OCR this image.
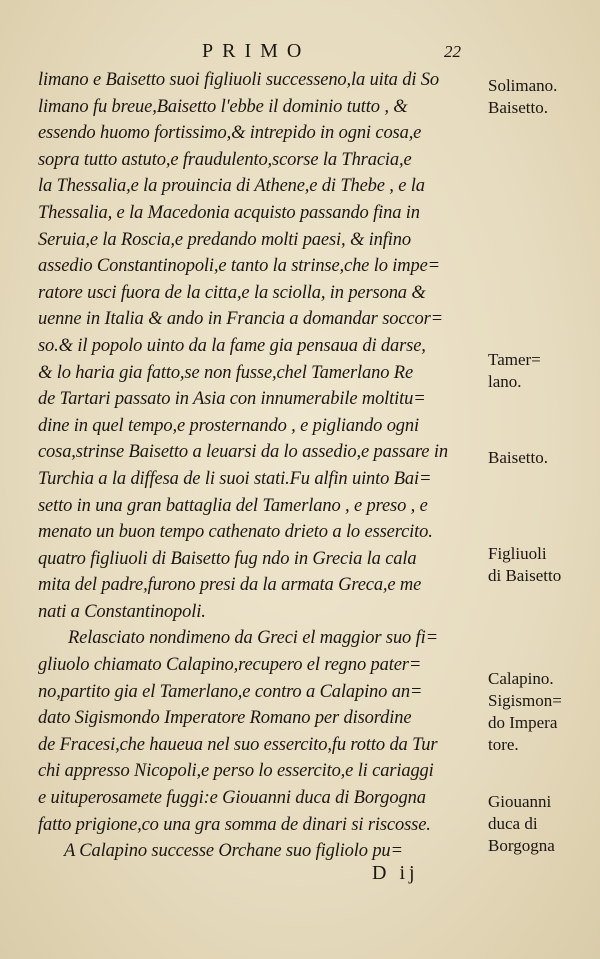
PRIMO	22
limano e Baisetto suoi figliuoli successeno,la uita di So
limano fu breue,Baisetto l'ebbe il dominio tutto , &
essendo huomo fortissimo,& intrepido in ogni cosa,e
sopra tutto astuto,e fraudulento,scorse la Thracia,e
la Thessalia,e la prouincia di Athene,e di Thebe , e la
Thessalia, e la Macedonia acquisto passando fina in
Seruia,e la Roscia,e predando molti paesi, & infino
assedio Constantinopoli,e tanto la strinse,che lo impe=
ratore usci fuora de la citta,e la sciolla, in persona &
uenne in Italia & ando in Francia a domandar soccor=
so.& il popolo uinto da la fame gia pensaua di darse,
& lo haria gia fatto,se non fusse,chel Tamerlano Re
de Tartari passato in Asia con innumerabile moltitu=
dine in quel tempo,e prosternando , e pigliando ogni
cosa,strinse Baisetto a leuarsi da lo assedio,e passare in
Turchia a la diffesa de li suoi stati.Fu alfin uinto Bai=
setto in una gran battaglia del Tamerlano , e preso , e
menato un buon tempo cathenato drieto a lo essercito.
quatro figliuoli di Baisetto fug ndo in Grecia la cala
mita del padre,furono presi da la armata Greca,e me
nati a Constantinopoli.
Relasciato nondimeno da Greci el maggior suo fi=
gliuolo chiamato Calapino,recupero el regno pater=
no,partito gia el Tamerlano,e contro a Calapino an=
dato Sigismondo Imperatore Romano per disordine
de Fracesi,che haueua nel suo essercito,fu rotto da Tur
chi appresso Nicopoli,e perso lo essercito,e li cariaggi
e uituperosamete fuggi:e Giouanni duca di Borgogna
fatto prigione,co una gra somma de dinari si riscosse.
A Calapino successe Orchane suo figliolo pu=
Solimano.
Baisetto.
Tamer=
lano.
Baisetto.
Figliuoli
di Baisetto
Calapino.
Sigismon=
do Impera
tore.
Giouanni
duca di
Borgogna
D ij
